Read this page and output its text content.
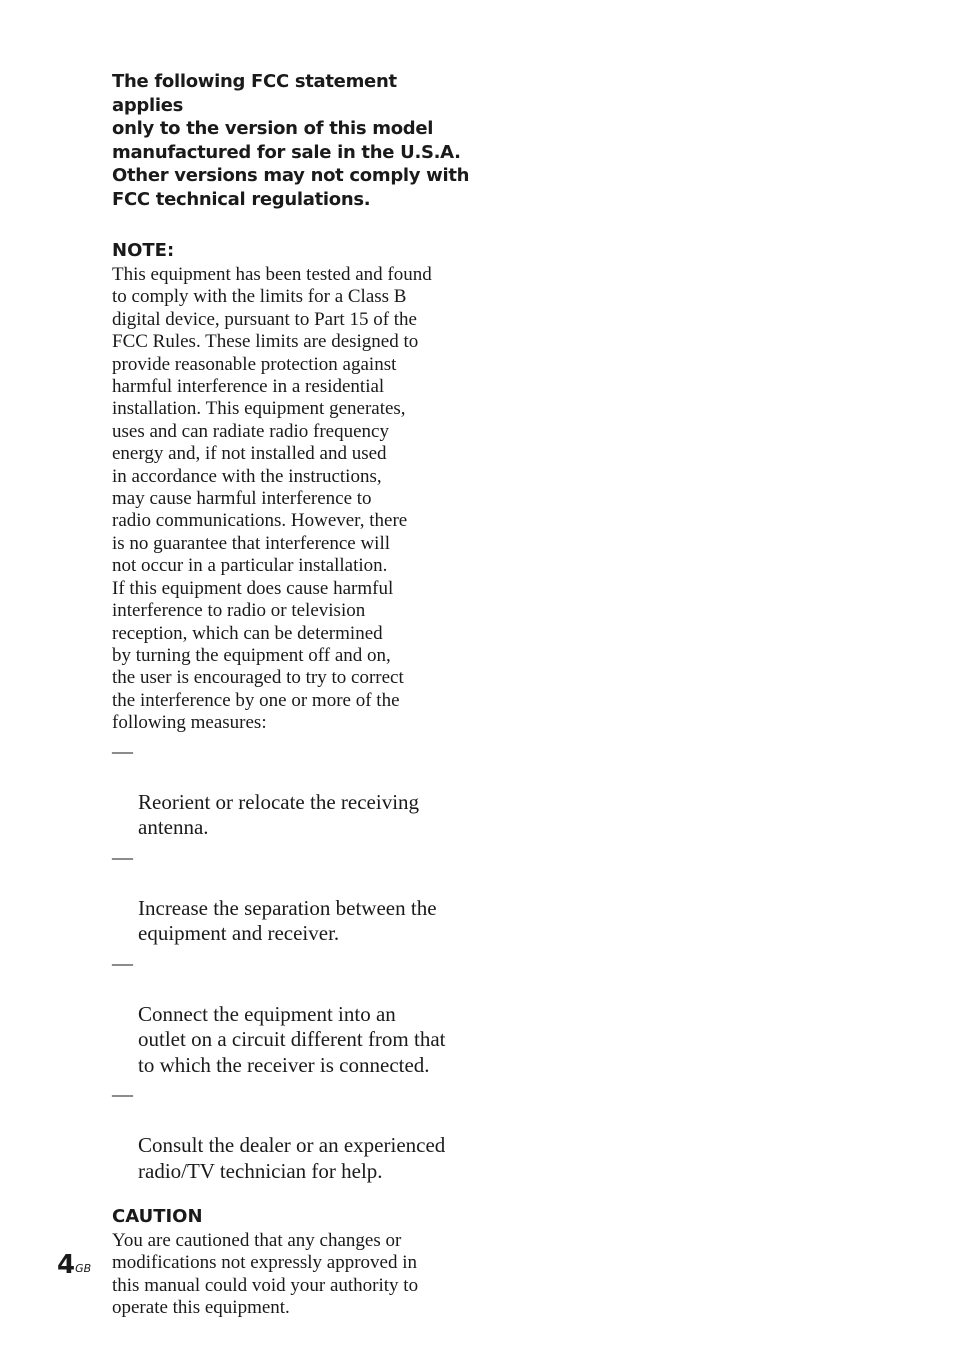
The following FCC statement applies
only to the version of this model
manufactured for sale in the U.S.A.
Other versions may not comply with
FCC technical regulations.

NOTE:

This equipment has been tested and found
to comply with the limits for a Class B
digital device, pursuant to Part 15 of the
FCC Rules. These limits are designed to
provide reasonable protection against
harmful interference in a residential
installation. This equipment generates,
uses and can radiate radio frequency
energy and, if not installed and used
in accordance with the instructions,
may cause harmful interference to
radio communications. However, there
is no guarantee that interference will
not occur in a particular installation.
If this equipment does cause harmful
interference to radio or television
reception, which can be determined
by turning the equipment off and on,
the user is encouraged to try to correct
the interference by one or more of the
following measures:

—

Reorient or relocate the receiving
antenna.

—

Increase the separation between the
equipment and receiver.

—

Connect the equipment into an
outlet on a circuit different from that
to which the receiver is connected.

—

Consult the dealer or an experienced
radio/TV technician for help.

CAUTION

You are cautioned that any changes or
modifications not expressly approved in
this manual could void your authority to
operate this equipment.

$4^{GB}$
